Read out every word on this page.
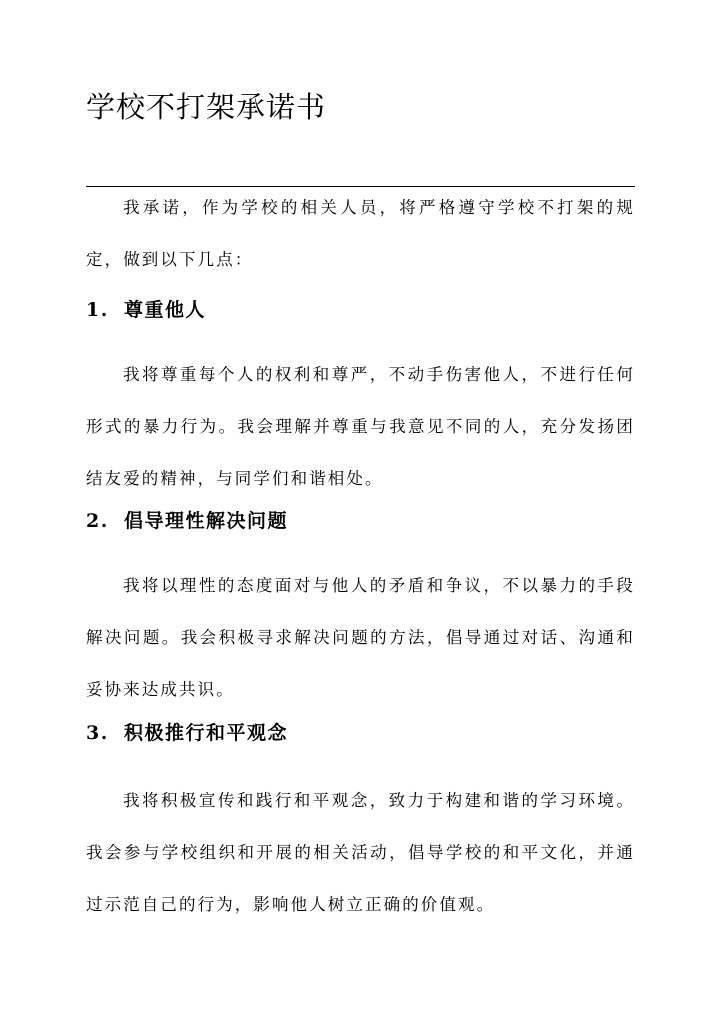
学校不打架承诺书

我承诺，作为学校的相关人员，将严格遵守学校不打架的规定，做到以下几点：

1. 尊重他人

我将尊重每个人的权利和尊严，不动手伤害他人，不进行任何形式的暴力行为。我会理解并尊重与我意见不同的人，充分发扬团结友爱的精神，与同学们和谐相处。

2. 倡导理性解决问题

我将以理性的态度面对与他人的矛盾和争议，不以暴力的手段解决问题。我会积极寻求解决问题的方法，倡导通过对话、沟通和妥协来达成共识。

3. 积极推行和平观念

我将积极宣传和践行和平观念，致力于构建和谐的学习环境。我会参与学校组织和开展的相关活动，倡导学校的和平文化，并通过示范自己的行为，影响他人树立正确的价值观。
